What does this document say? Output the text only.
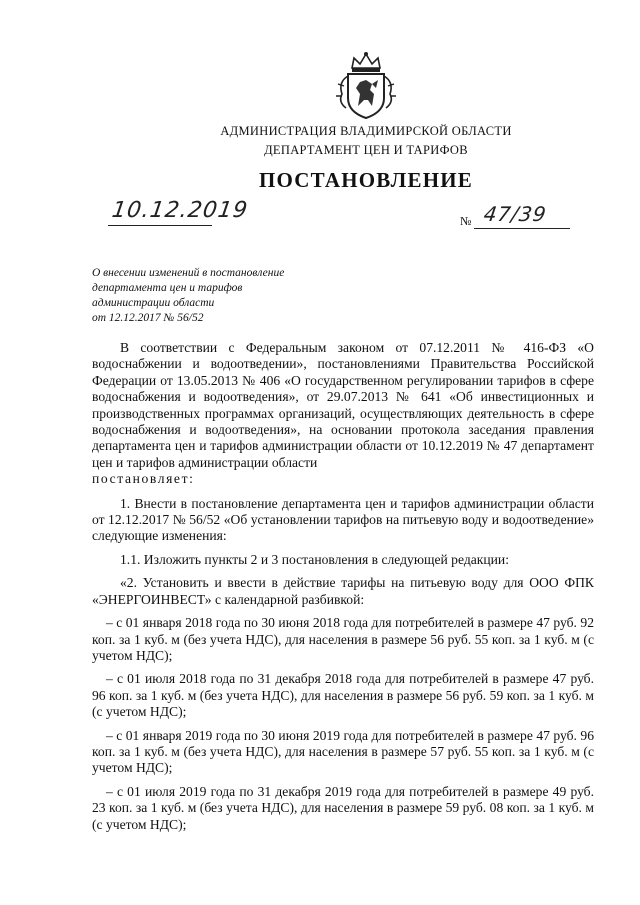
АДМИНИСТРАЦИЯ ВЛАДИМИРСКОЙ ОБЛАСТИ
ДЕПАРТАМЕНТ ЦЕН И ТАРИФОВ
ПОСТАНОВЛЕНИЕ
10.12.2019	№ 47/39
О внесении изменений в постановление
департамента цен и тарифов
администрации области
от 12.12.2017 № 56/52

В соответствии с Федеральным законом от 07.12.2011 № 416-ФЗ «О водоснабжении и водоотведении», постановлениями Правительства Российской Федерации от 13.05.2013 № 406 «О государственном регулировании тарифов в сфере водоснабжения и водоотведения», от 29.07.2013 № 641 «Об инвестиционных и производственных программах организаций, осуществляющих деятельность в сфере водоснабжения и водоотведения», на основании протокола заседания правления департамента цен и тарифов администрации области от 10.12.2019 № 47 департамент цен и тарифов администрации области

постановляет:

1. Внести в постановление департамента цен и тарифов администрации области от 12.12.2017 № 56/52 «Об установлении тарифов на питьевую воду и водоотведение» следующие изменения:

1.1. Изложить пункты 2 и 3 постановления в следующей редакции:

«2. Установить и ввести в действие тарифы на питьевую воду для ООО ФПК «ЭНЕРГОИНВЕСТ» с календарной разбивкой:

– с 01 января 2018 года по 30 июня 2018 года для потребителей в размере 47 руб. 92 коп. за 1 куб. м (без учета НДС), для населения в размере 56 руб. 55 коп. за 1 куб. м (с учетом НДС);

– с 01 июля 2018 года по 31 декабря 2018 года для потребителей в размере 47 руб. 96 коп. за 1 куб. м (без учета НДС), для населения в размере 56 руб. 59 коп. за 1 куб. м (с учетом НДС);

– с 01 января 2019 года по 30 июня 2019 года для потребителей в размере 47 руб. 96 коп. за 1 куб. м (без учета НДС), для населения в размере 57 руб. 55 коп. за 1 куб. м (с учетом НДС);

– с 01 июля 2019 года по 31 декабря 2019 года для потребителей в размере 49 руб. 23 коп. за 1 куб. м (без учета НДС), для населения в размере 59 руб. 08 коп. за 1 куб. м (с учетом НДС);
